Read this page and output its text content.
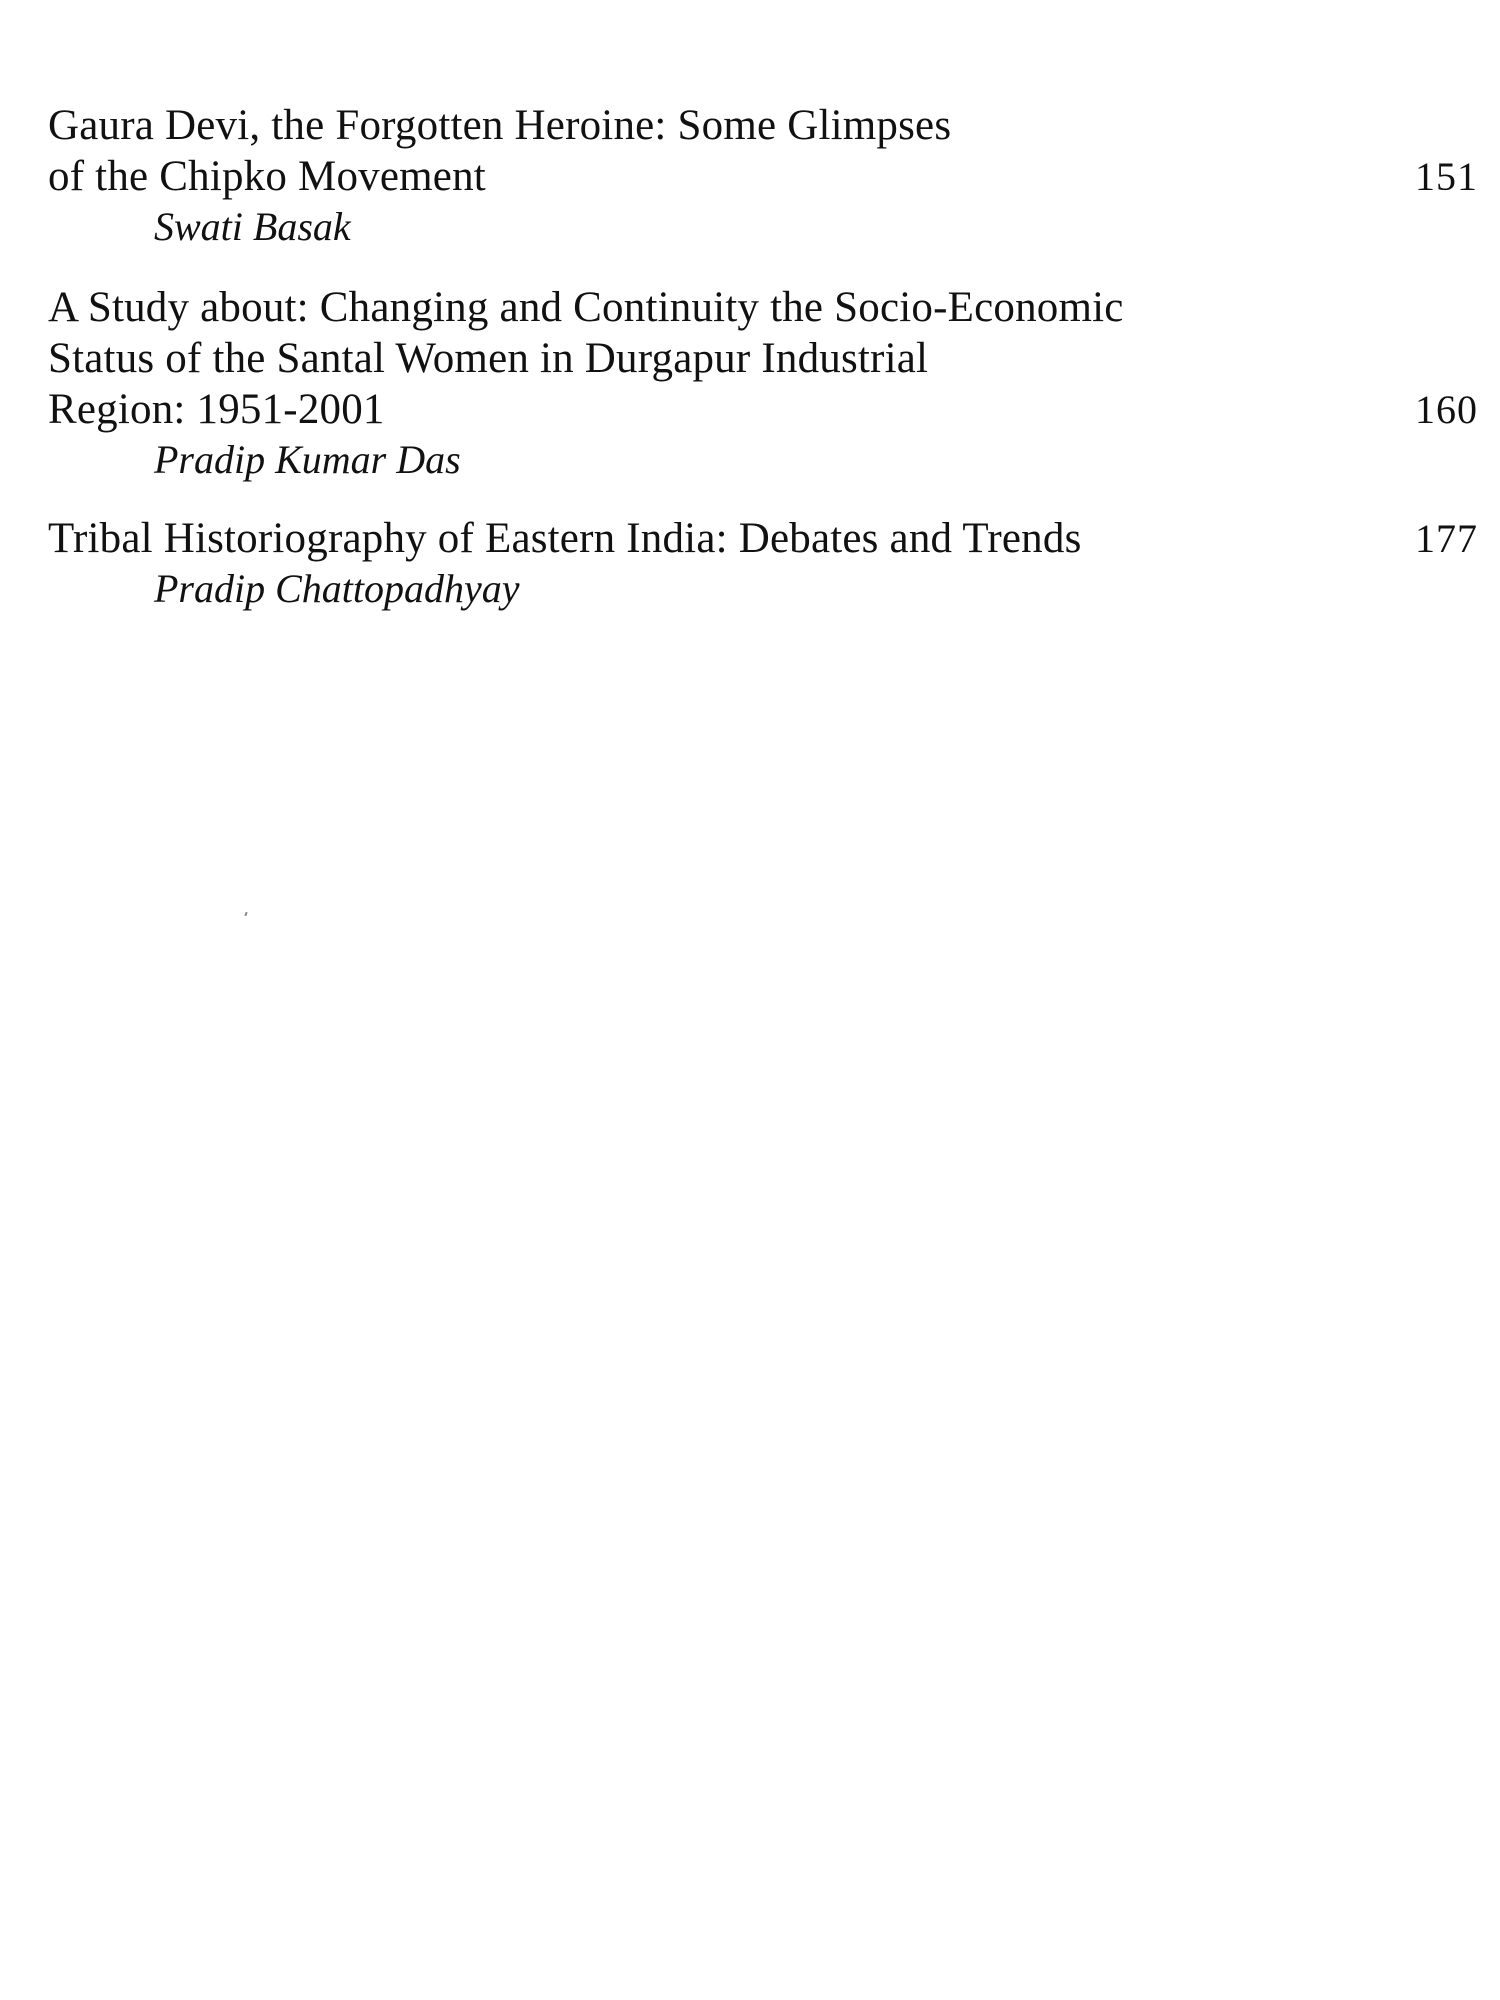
Gaura Devi, the Forgotten Heroine: Some Glimpses
of the Chipko Movement	151
Swati Basak
A Study about: Changing and Continuity the Socio-Economic
Status of the Santal Women in Durgapur Industrial
Region: 1951-2001	160
Pradip Kumar Das
Tribal Historiography of Eastern India: Debates and Trends	177
Pradip Chattopadhyay
